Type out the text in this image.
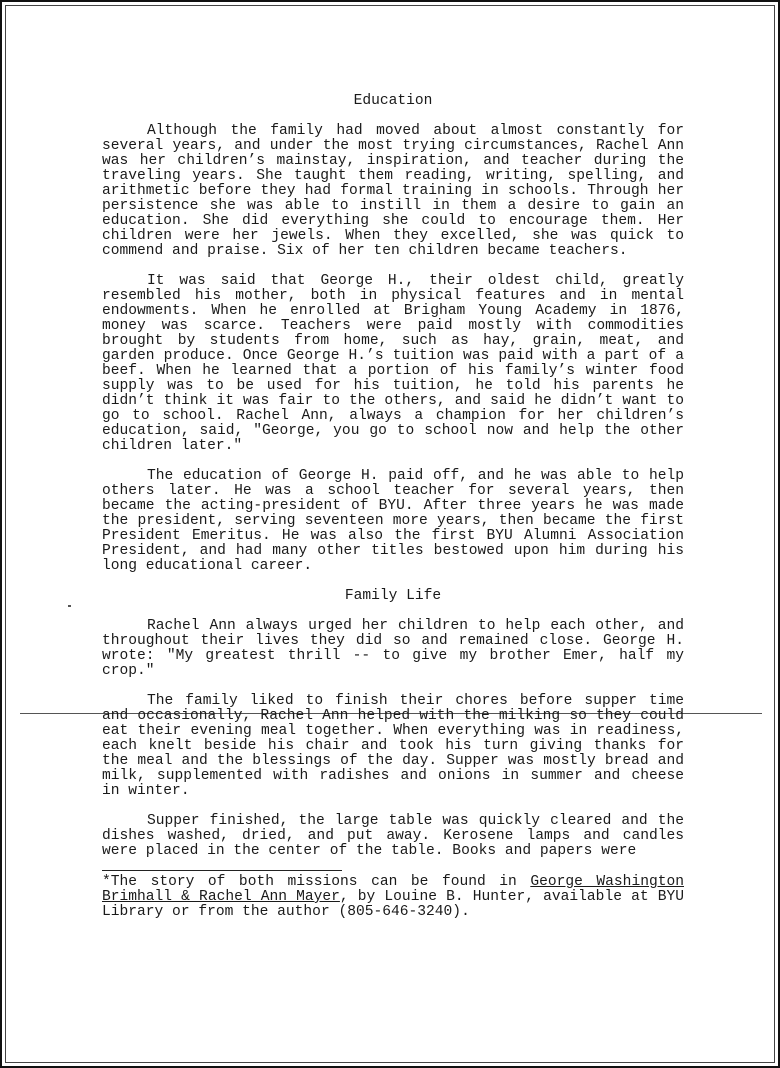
Education

Although the family had moved about almost constantly for several years, and under the most trying circumstances, Rachel Ann was her children’s mainstay, inspiration, and teacher during the traveling years. She taught them reading, writing, spelling, and arithmetic before they had formal training in schools. Through her persistence she was able to instill in them a desire to gain an education. She did everything she could to encourage them. Her children were her jewels. When they excelled, she was quick to commend and praise. Six of her ten children became teachers.

It was said that George H., their oldest child, greatly resembled his mother, both in physical features and in mental endowments. When he enrolled at Brigham Young Academy in 1876, money was scarce. Teachers were paid mostly with commodities brought by students from home, such as hay, grain, meat, and garden produce. Once George H.’s tuition was paid with a part of a beef. When he learned that a portion of his family’s winter food supply was to be used for his tuition, he told his parents he didn’t think it was fair to the others, and said he didn’t want to go to school. Rachel Ann, always a champion for her children’s education, said, "George, you go to school now and help the other children later."

The education of George H. paid off, and he was able to help others later. He was a school teacher for several years, then became the acting-president of BYU. After three years he was made the president, serving seventeen more years, then became the first President Emeritus. He was also the first BYU Alumni Association President, and had many other titles bestowed upon him during his long educational career.

Family Life

Rachel Ann always urged her children to help each other, and throughout their lives they did so and remained close. George H. wrote: "My greatest thrill -- to give my brother Emer, half my crop."

The family liked to finish their chores before supper time and occasionally, Rachel Ann helped with the milking so they could eat their evening meal together. When everything was in readiness, each knelt beside his chair and took his turn giving thanks for the meal and the blessings of the day. Supper was mostly bread and milk, supplemented with radishes and onions in summer and cheese in winter.

Supper finished, the large table was quickly cleared and the dishes washed, dried, and put away. Kerosene lamps and candles were placed in the center of the table. Books and papers were

*The story of both missions can be found in George Washington Brimhall & Rachel Ann Mayer, by Louine B. Hunter, available at BYU Library or from the author (805-646-3240).
